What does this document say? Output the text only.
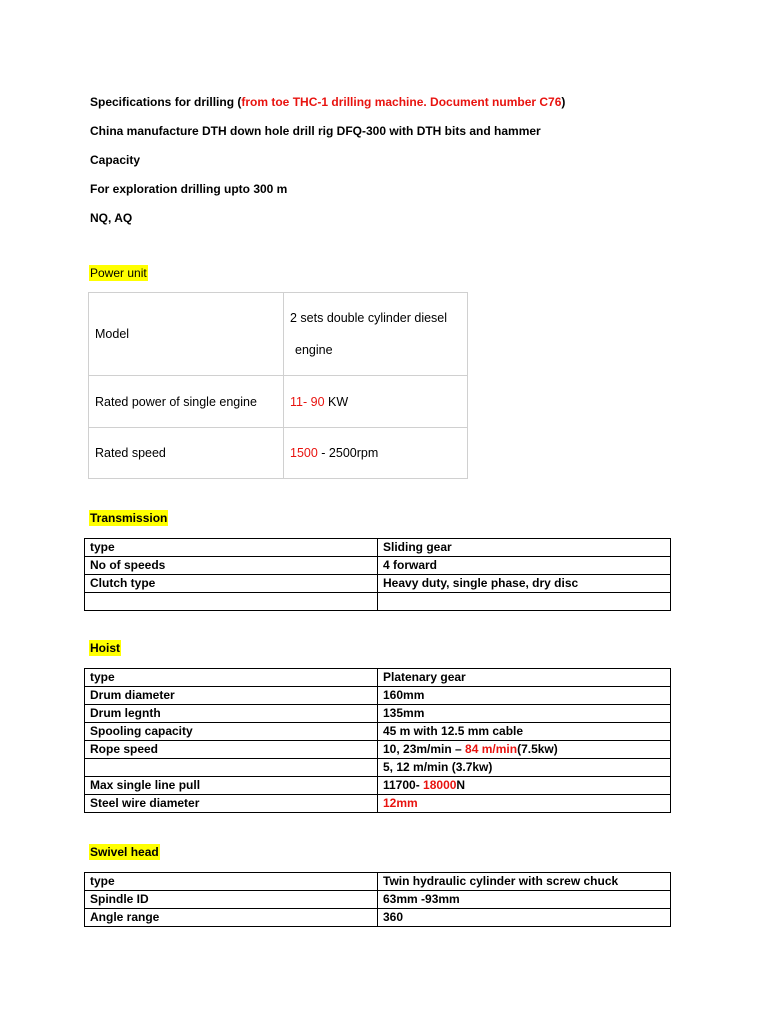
Specifications for drilling (from toe THC-1 drilling machine. Document number C76)
China manufacture DTH down hole drill rig DFQ-300 with DTH bits and hammer
Capacity
For exploration drilling upto 300 m
NQ, AQ
Power unit
Model	2 sets double cylinder diesel
engine

Rated power of single engine	11- 90 KW
Rated speed	1500 - 2500rpm
Transmission
type	Sliding gear
No of speeds	4 forward
Clutch type	Heavy duty, single phase, dry disc

Hoist
type	Platenary gear
Drum diameter	160mm
Drum legnth	135mm
Spooling capacity	45 m with 12.5 mm cable
Rope speed	10, 23m/min – 84 m/min(7.5kw)
	5, 12 m/min (3.7kw)
Max single line pull	11700- 18000N
Steel wire diameter	12mm
Swivel head
type	Twin hydraulic cylinder with screw chuck
Spindle ID	63mm -93mm
Angle range	360
